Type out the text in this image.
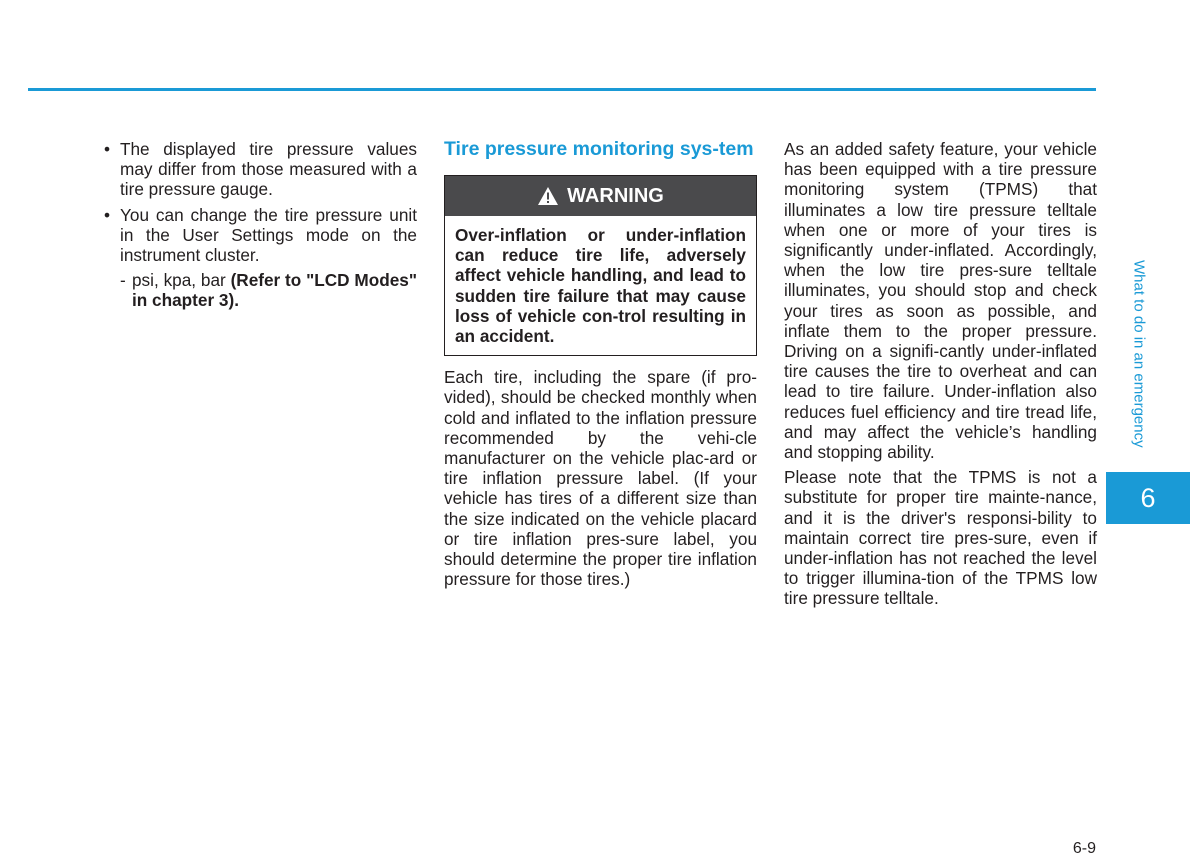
• The displayed tire pressure values may differ from those measured with a tire pressure gauge.
• You can change the tire pressure unit in the User Settings mode on the instrument cluster.

- psi, kpa, bar (Refer to "LCD Modes" in chapter 3).

Tire pressure monitoring sys-tem
WARNING
Over-inflation or under-inflation can reduce tire life, adversely affect vehicle handling, and lead to sudden tire failure that may cause loss of vehicle con-trol resulting in an accident.

Each tire, including the spare (if pro-vided), should be checked monthly when cold and inflated to the inflation pressure recommended by the vehi-cle manufacturer on the vehicle plac-ard or tire inflation pressure label. (If your vehicle has tires of a different size than the size indicated on the vehicle placard or tire inflation pres-sure label, you should determine the proper tire inflation pressure for those tires.)

As an added safety feature, your vehicle has been equipped with a tire pressure monitoring system (TPMS) that illuminates a low tire pressure telltale when one or more of your tires is significantly under-inflated. Accordingly, when the low tire pres-sure telltale illuminates, you should stop and check your tires as soon as possible, and inflate them to the proper pressure. Driving on a signifi-cantly under-inflated tire causes the tire to overheat and can lead to tire failure. Under-inflation also reduces fuel efficiency and tire tread life, and may affect the vehicle’s handling and stopping ability.

Please note that the TPMS is not a substitute for proper tire mainte-nance, and it is the driver's responsi-bility to maintain correct tire pres-sure, even if under-inflation has not reached the level to trigger illumina-tion of the TPMS low tire pressure telltale.

What to do in an emergency
6
6-9
